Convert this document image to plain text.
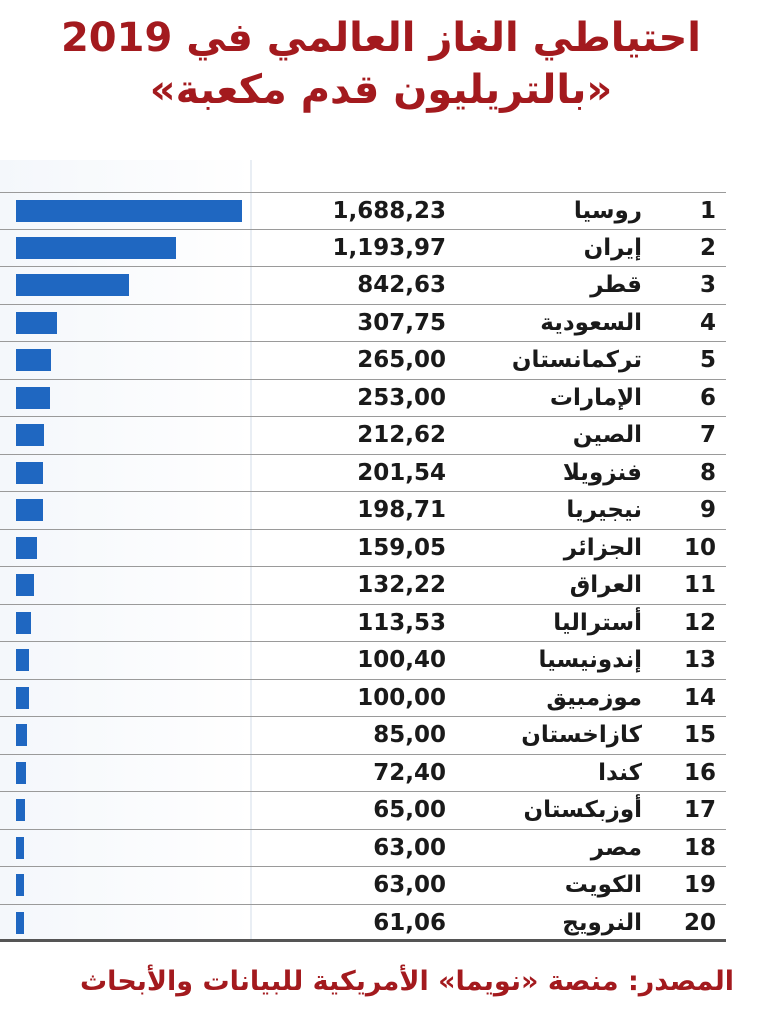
احتياطي الغاز العالمي في 2019
«بالتريليون قدم مكعبة»
1,688,23	روسيا	1
1,193,97	إيران	2
842,63	قطر	3
307,75	السعودية	4
265,00	تركمانستان	5
253,00	الإمارات	6
212,62	الصين	7
201,54	فنزويلا	8
198,71	نيجيريا	9
159,05	الجزائر	10
132,22	العراق	11
113,53	أستراليا	12
100,40	إندونيسيا	13
100,00	موزمبيق	14
85,00	كازاخستان	15
72,40	كندا	16
65,00	أوزبكستان	17
63,00	مصر	18
63,00	الكويت	19
61,06	النرويج	20

المصدر: منصة «نويما» الأمريكية للبيانات والأبحاث
